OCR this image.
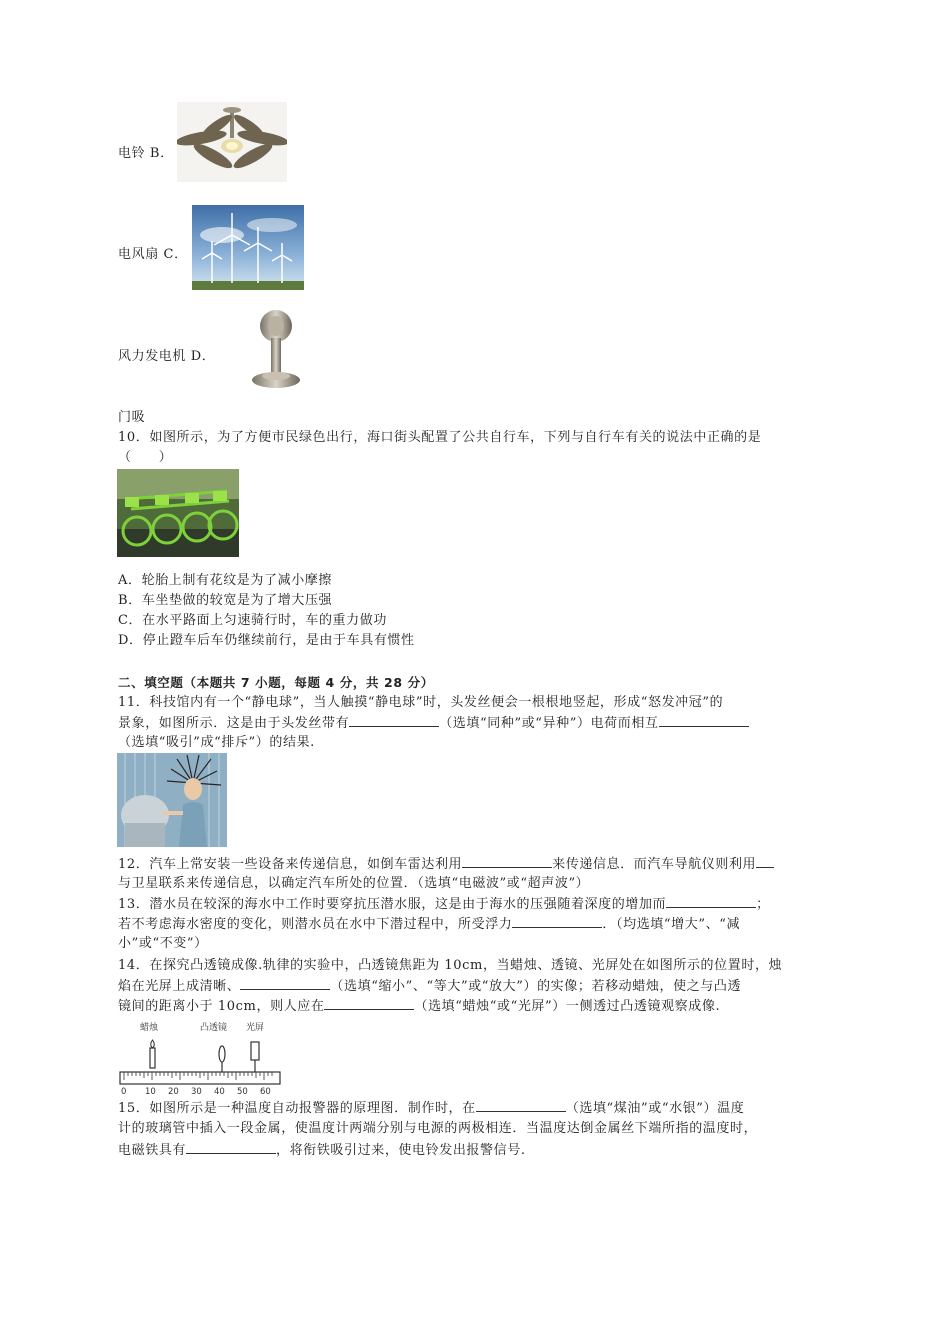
电铃 B．
电风扇 C．
风力发电机 D．
门吸
10．如图所示，为了方便市民绿色出行，海口街头配置了公共自行车，下列与自行车有关的说法中正确的是
（　　）
A．轮胎上制有花纹是为了减小摩擦
B．车坐垫做的较宽是为了增大压强
C．在水平路面上匀速骑行时，车的重力做功
D．停止蹬车后车仍继续前行，是由于车具有惯性
二、填空题（本题共 7 小题，每题 4 分，共 28 分）
11．科技馆内有一个“静电球”，当人触摸“静电球”时，头发丝便会一根根地竖起，形成“怒发冲冠”的
景象，如图所示．这是由于头发丝带有	（选填“同种”或“异种”）电荷而相互
（选填“吸引”成“排斥”）的结果.
12．汽车上常安装一些设备来传递信息，如倒车雷达利用	来传递信息．而汽车导航仪则利用
与卫星联系来传递信息，以确定汽车所处的位置．（选填“电磁波”或“超声波”）
13．潜水员在较深的海水中工作时要穿抗压潜水服，这是由于海水的压强随着深度的增加而	；
若不考虑海水密度的变化，则潜水员在水中下潜过程中，所受浮力	．（均选填“增大”、“减
小”或“不变”）
14．在探究凸透镜成像.轨律的实验中，凸透镜焦距为 10cm，当蜡烛、透镜、光屏处在如图所示的位置时，烛
焰在光屏上成清晰、	（选填“缩小”、“等大”或“放大”）的实像；若移动蜡烛，使之与凸透
镜间的距离小于 10cm，则人应在	（选填“蜡烛“或“光屏”）一侧透过凸透镜观察成像.
蜡烛	凸透镜 光屏
0 10 20 30 40 50 60
15．如图所示是一种温度自动报警器的原理图．制作时，在	（选填“煤油”或“水银”）温度
计的玻璃管中插入一段金属，使温度计两端分别与电源的两极相连．当温度达倒金属丝下端所指的温度时，
电磁铁具有	，将衔铁吸引过来，使电铃发出报警信号.
